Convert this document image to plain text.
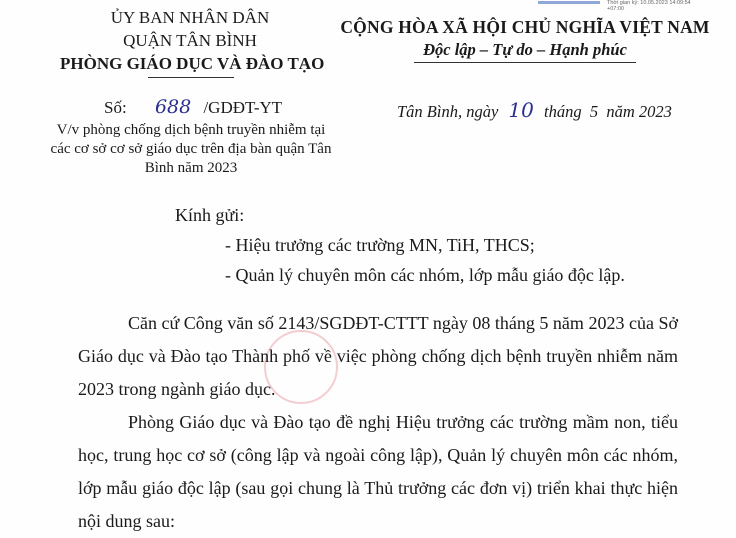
ỦY BAN NHÂN DÂN
QUẬN TÂN BÌNH
PHÒNG GIÁO DỤC VÀ ĐÀO TẠO
Thời gian ký: 10.05.2023 14:09:54 +07:00
CỘNG HÒA XÃ HỘI CHỦ NGHĨA VIỆT NAM
Độc lập – Tự do – Hạnh phúc
Số: 688 /GDĐT-YT
V/v phòng chống dịch bệnh truyền nhiễm tại các cơ sở cơ sở giáo dục trên địa bàn quận Tân Bình năm 2023
Tân Bình, ngày 10 tháng  5  năm 2023
Kính gửi:
- Hiệu trưởng các trường MN, TiH, THCS;
- Quản lý chuyên môn các nhóm, lớp mẫu giáo độc lập.
Căn cứ Công văn số 2143/SGDĐT-CTTT ngày 08 tháng 5 năm 2023 của Sở Giáo dục và Đào tạo Thành phố về việc phòng chống dịch bệnh truyền nhiễm năm 2023 trong ngành giáo dục.
Phòng Giáo dục và Đào tạo đề nghị Hiệu trưởng các trường mầm non, tiểu học, trung học cơ sở (công lập và ngoài công lập), Quản lý chuyên môn các nhóm, lớp mẫu giáo độc lập (sau gọi chung là Thủ trưởng các đơn vị) triển khai thực hiện nội dung sau:
